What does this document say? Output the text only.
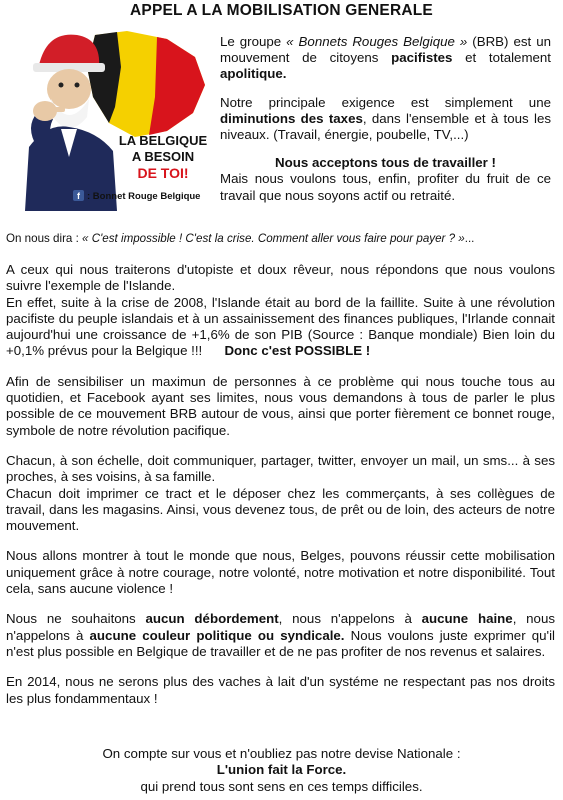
APPEL A LA MOBILISATION GENERALE
LA BELGIQUE
A BESOIN
DE TOI!
f : Bonnet Rouge Belgique

Le groupe « Bonnets Rouges Belgique » (BRB) est un mouvement de citoyens pacifistes et totalement apolitique.

Notre principale exigence est simplement une diminutions des taxes, dans l'ensemble et à tous les niveaux. (Travail, énergie, poubelle, TV,...)

Nous acceptons tous de travailler !

Mais nous voulons tous, enfin, profiter du fruit de ce travail que nous soyons actif ou retraité.

On nous dira : « C'est impossible ! C'est la crise. Comment aller vous faire pour payer ? »...

A ceux qui nous traiterons d'utopiste et doux rêveur, nous répondons que nous voulons suivre l'exemple de l'Islande.

En effet, suite à la crise de 2008, l'Islande était au bord de la faillite. Suite à une révolution pacifiste du peuple islandais et à un assainissement des finances publiques, l'Irlande connait aujourd'hui une croissance de +1,6% de son PIB (Source : Banque mondiale) Bien loin du +0,1% prévus pour la Belgique !!! Donc c'est POSSIBLE !

Afin de sensibiliser un maximun de personnes à ce problème qui nous touche tous au quotidien, et Facebook ayant ses limites, nous vous demandons à tous de parler le plus possible de ce mouvement BRB autour de vous, ainsi que porter fièrement ce bonnet rouge, symbole de notre révolution pacifique.

Chacun, à son échelle, doit communiquer, partager, twitter, envoyer un mail, un sms... à ses proches, à ses voisins, à sa famille.

Chacun doit imprimer ce tract et le déposer chez les commerçants, à ses collègues de travail, dans les magasins. Ainsi, vous devenez tous, de prêt ou de loin, des acteurs de notre mouvement.

Nous allons montrer à tout le monde que nous, Belges, pouvons réussir cette mobilisation uniquement grâce à notre courage, notre volonté, notre motivation et notre disponibilité. Tout cela, sans aucune violence !

Nous ne souhaitons aucun débordement, nous n'appelons à aucune haine, nous n'appelons à aucune couleur politique ou syndicale. Nous voulons juste exprimer qu'il n'est plus possible en Belgique de travailler et de ne pas profiter de nos revenus et salaires.

En 2014, nous ne serons plus des vaches à lait d'un systéme ne respectant pas nos droits les plus fondammentaux !

On compte sur vous et n'oubliez pas notre devise Nationale :
L'union fait la Force.
qui prend tous sont sens en ces temps difficiles.
